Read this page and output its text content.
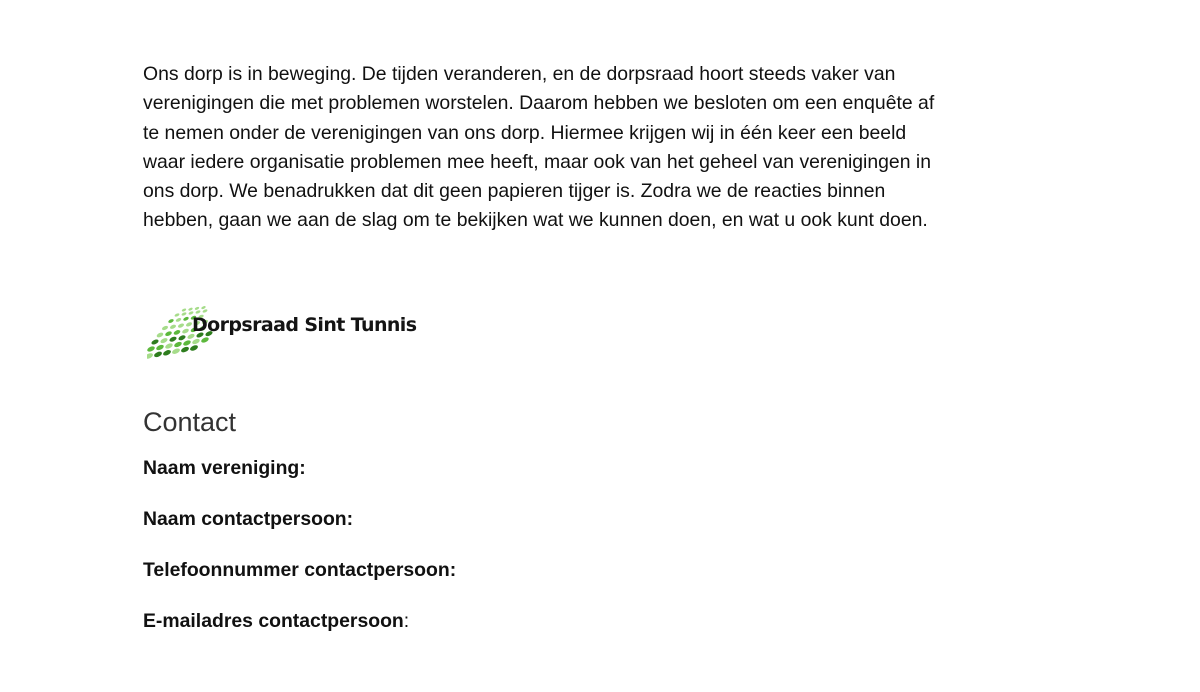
Ons dorp is in beweging. De tijden veranderen, en de dorpsraad hoort steeds vaker van
verenigingen die met problemen worstelen. Daarom hebben we besloten om een enquête af
te nemen onder de verenigingen van ons dorp. Hiermee krijgen wij in één keer een beeld
waar iedere organisatie problemen mee heeft, maar ook van het geheel van verenigingen in
ons dorp. We benadrukken dat dit geen papieren tijger is. Zodra we de reacties binnen
hebben, gaan we aan de slag om te bekijken wat we kunnen doen, en wat u ook kunt doen.

Dorpsraad Sint Tunnis
Contact
Naam vereniging:
Naam contactpersoon:
Telefoonnummer contactpersoon:
E-mailadres contactpersoon:
